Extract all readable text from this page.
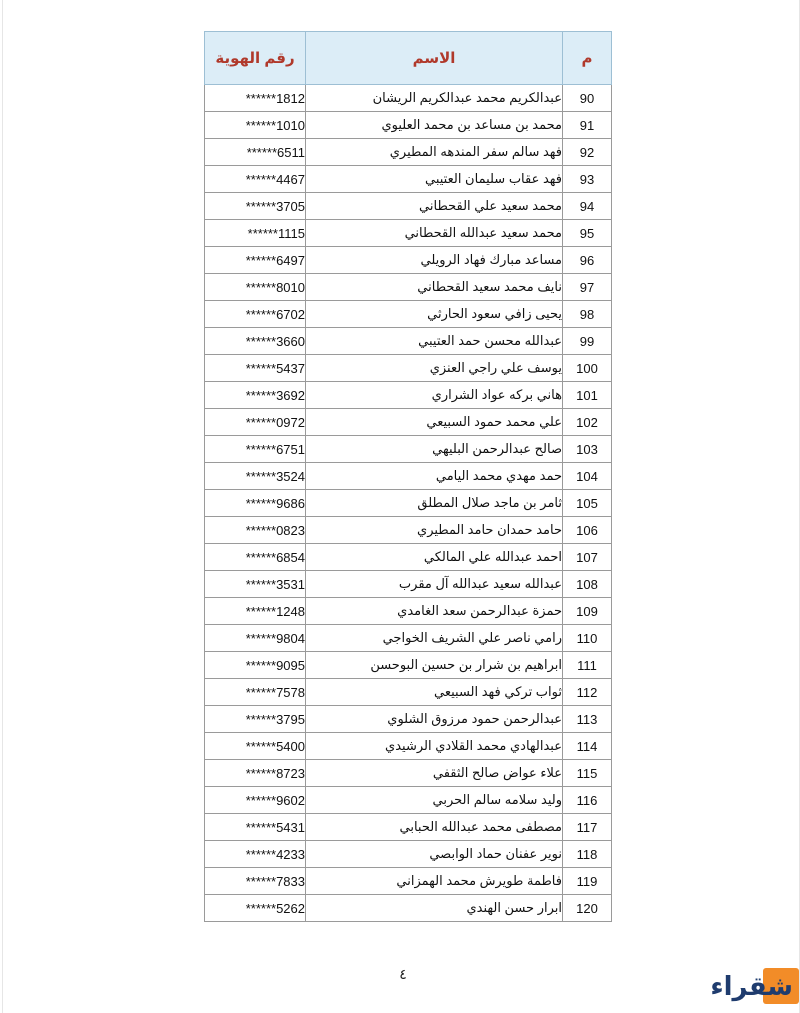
رقم الهوية	الاسم	م
******1812	عبدالكريم محمد عبدالكريم الريشان	90
******1010	محمد بن مساعد بن محمد العليوي	91
******6511	فهد سالم سفر المندهه المطيري	92
******4467	فهد عقاب سليمان العتيبي	93
******3705	محمد سعيد علي القحطاني	94
******1115	محمد سعيد عبدالله القحطاني	95
******6497	مساعد مبارك فهاد الرويلي	96
******8010	نايف محمد سعيد القحطاني	97
******6702	يحيى زافي سعود الحارثي	98
******3660	عبدالله محسن حمد العتيبي	99
******5437	يوسف علي راجي العنزي	100
******3692	هاني بركه عواد الشراري	101
******0972	علي محمد حمود السبيعي	102
******6751	صالح عبدالرحمن البليهي	103
******3524	حمد مهدي محمد اليامي	104
******9686	ثامر بن ماجد صلال المطلق	105
******0823	حامد حمدان حامد المطيري	106
******6854	احمد عبدالله علي المالكي	107
******3531	عبدالله سعيد عبدالله آل مقرب	108
******1248	حمزة عبدالرحمن سعد الغامدي	109
******9804	رامي ناصر علي الشريف الخواجي	110
******9095	ابراهيم بن شرار بن حسين البوحسن	111
******7578	ثواب تركي فهد السبيعي	112
******3795	عبدالرحمن حمود مرزوق الشلوي	113
******5400	عبدالهادي محمد القلادي الرشيدي	114
******8723	علاء عواض صالح الثقفي	115
******9602	وليد سلامه سالم الحربي	116
******5431	مصطفى محمد عبدالله الحبابي	117
******4233	نوير عفنان حماد الوابصي	118
******7833	فاطمة طويرش محمد الهمزاني	119
******5262	ابرار حسن الهندي	120
٤	شقراء
